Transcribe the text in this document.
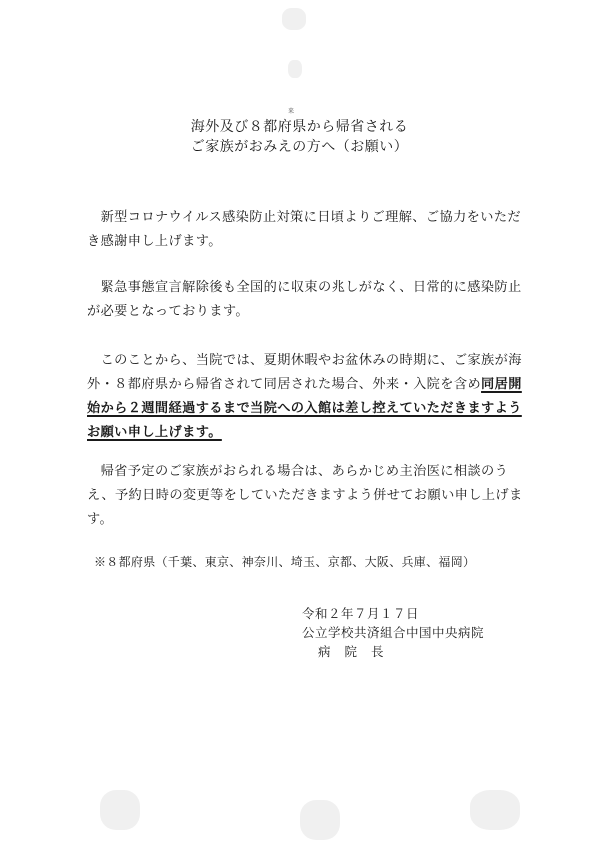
来
海外及び８都府県から帰省される
ご家族がおみえの方へ（お願い）
　新型コロナウイルス感染防止対策に日頃よりご理解、ご協力をいただき感謝申し上げます。
　緊急事態宣言解除後も全国的に収束の兆しがなく、日常的に感染防止が必要となっております。
　このことから、当院では、夏期休暇やお盆休みの時期に、ご家族が海外・８都府県から帰省されて同居された場合、外来・入院を含め同居開始から２週間経過するまで当院への入館は差し控えていただきますようお願い申し上げます。
　帰省予定のご家族がおられる場合は、あらかじめ主治医に相談のうえ、予約日時の変更等をしていただきますよう併せてお願い申し上げます。
※８都府県（千葉、東京、神奈川、埼玉、京都、大阪、兵庫、福岡）
令和２年７月１７日
公立学校共済組合中国中央病院
病院長
